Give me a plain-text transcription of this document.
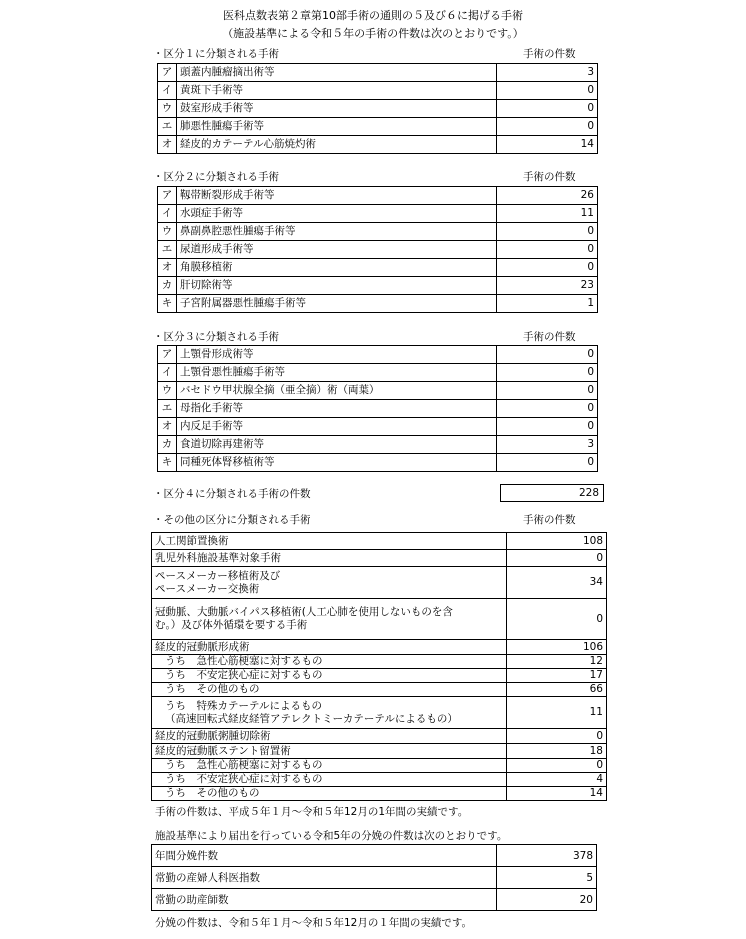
医科点数表第２章第10部手術の通則の５及び６に掲げる手術
（施設基準による令和５年の手術の件数は次のとおりです。）
・区分１に分類される手術	手術の件数
ア	頭蓋内腫瘤摘出術等	3
イ	黄斑下手術等	0
ウ	鼓室形成手術等	0
エ	肺悪性腫瘍手術等	0
オ	経皮的カテーテル心筋焼灼術	14
・区分２に分類される手術	手術の件数
ア	靱帯断裂形成手術等	26
イ	水頭症手術等	11
ウ	鼻副鼻腔悪性腫瘍手術等	0
エ	尿道形成手術等	0
オ	角膜移植術	0
カ	肝切除術等	23
キ	子宮附属器悪性腫瘍手術等	1
・区分３に分類される手術	手術の件数
ア	上顎骨形成術等	0
イ	上顎骨悪性腫瘍手術等	0
ウ	バセドウ甲状腺全摘（亜全摘）術（両葉）	0
エ	母指化手術等	0
オ	内反足手術等	0
カ	食道切除再建術等	3
キ	同種死体腎移植術等	0
・区分４に分類される手術の件数	228
・その他の区分に分類される手術	手術の件数
人工関節置換術	108
乳児外科施設基準対象手術	0
ペースメーカー移植術及び
ペースメーカー交換術	34
冠動脈、大動脈バイパス移植術(人工心肺を使用しないものを含
む。）及び体外循環を要する手術	0
経皮的冠動脈形成術	106
うち　急性心筋梗塞に対するもの	12
うち　不安定狭心症に対するもの	17
うち　その他のもの	66
うち　特殊カテーテルによるもの
（高速回転式経皮経管アテレクトミーカテーテルによるもの）	11
経皮的冠動脈粥腫切除術	0
経皮的冠動脈ステント留置術	18
うち　急性心筋梗塞に対するもの	0
うち　不安定狭心症に対するもの	4
うち　その他のもの	14
手術の件数は、平成５年１月～令和５年12月の1年間の実績です。
施設基準により届出を行っている令和5年の分娩の件数は次のとおりです。
年間分娩件数	378
常勤の産婦人科医指数	5
常勤の助産師数	20
分娩の件数は、令和５年１月～令和５年12月の１年間の実績です。
